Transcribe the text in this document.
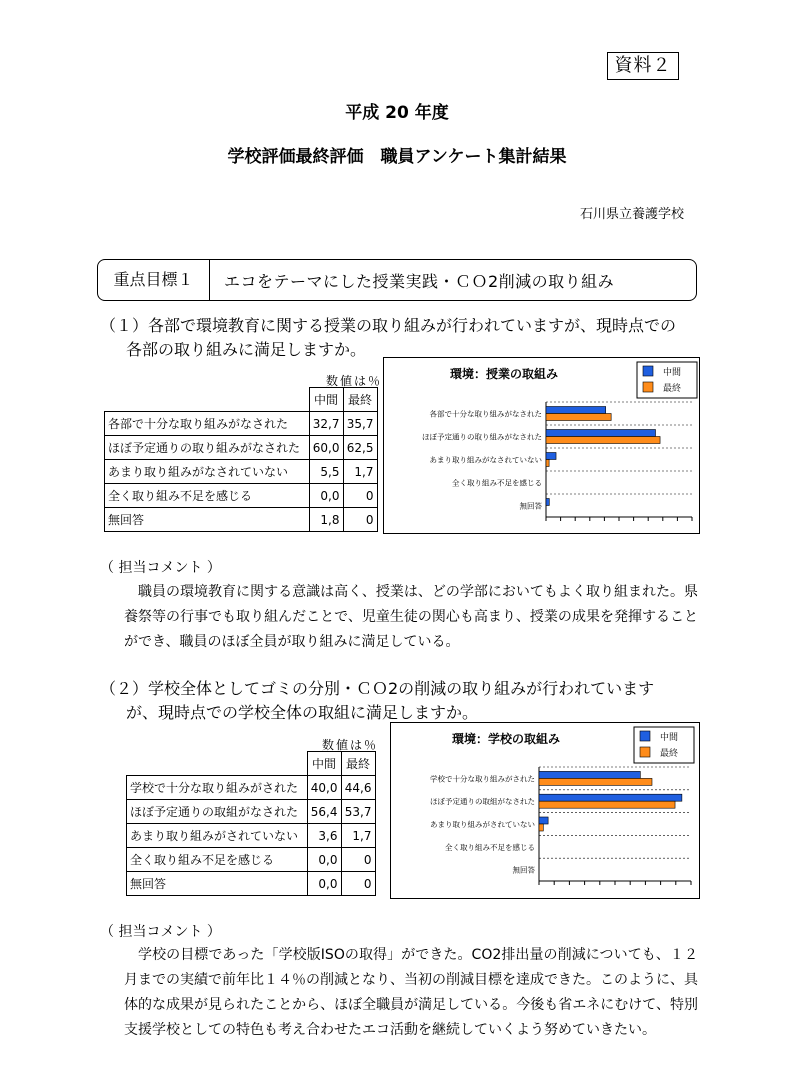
資料２
平成 20 年度
学校評価最終評価　職員アンケート集計結果
石川県立養護学校
重点目標１	エコをテーマにした授業実践・ＣＯ2削減の取り組み
（１）各部で環境教育に関する授業の取り組みが行われていますが、現時点での
各部の取り組みに満足しますか。
数値は％
	中間	最終
各部で十分な取り組みがなされた	32,7	35,7
ほぼ予定通りの取り組みがなされた	60,0	62,5
あまり取り組みがなされていない	5,5	1,7
全く取り組み不足を感じる	0,0	0
無回答	1,8	0
環境：授業の取組み	中間
最終
各部で十分な取り組みがなされた
ほぼ予定通りの取り組みがなされた
あまり取り組みがなされていない
全く取り組み不足を感じる
無回答
（ 担当コメント ）

職員の環境教育に関する意識は高く、授業は、どの学部においてもよく取り組まれた。県養祭等の行事でも取り組んだことで、児童生徒の関心も高まり、授業の成果を発揮することができ、職員のほぼ全員が取り組みに満足している。

（２）学校全体としてゴミの分別・ＣＯ2の削減の取り組みが行われています
が、現時点での学校全体の取組に満足しますか。
数値は％
	中間	最終
学校で十分な取り組みがされた	40,0	44,6
ほぼ予定通りの取組がなされた	56,4	53,7
あまり取り組みがされていない	3,6	1,7
全く取り組み不足を感じる	0,0	0
無回答	0,0	0
環境：学校の取組み	中間
最終
学校で十分な取り組みがされた
ほぼ予定通りの取組がなされた
あまり取り組みがされていない
全く取り組み不足を感じる
無回答
（ 担当コメント ）

学校の目標であった「学校版ISOの取得」ができた。CO2排出量の削減についても、１２月までの実績で前年比１４％の削減となり、当初の削減目標を達成できた。このように、具体的な成果が見られたことから、ほぼ全職員が満足している。今後も省エネにむけて、特別支援学校としての特色も考え合わせたエコ活動を継続していくよう努めていきたい。
